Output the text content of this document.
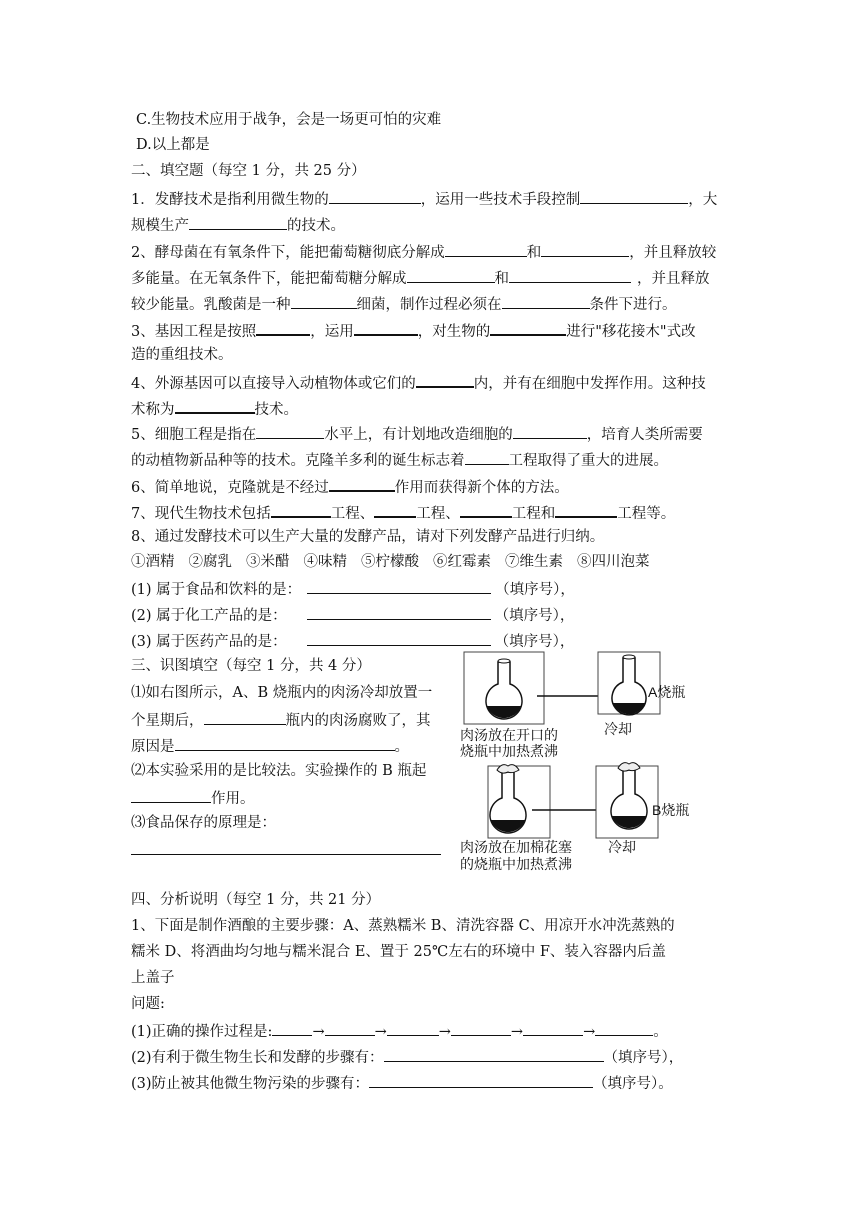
C.生物技术应用于战争，会是一场更可怕的灾难
D.以上都是
二、填空题（每空 1 分，共 25 分）
1．发酵技术是指利用微生物的	，运用一些技术手段控制	，大
规模生产	的技术。
2、酵母菌在有氧条件下，能把葡萄糖彻底分解成	和	，并且释放较
多能量。在无氧条件下，能把葡萄糖分解成	和	，并且释放
较少能量。乳酸菌是一种	细菌，制作过程必须在	条件下进行。
3、基因工程是按照	，运用	，对生物的	进行"移花接木"式改
造的重组技术。
4、外源基因可以直接导入动植物体或它们的	内，并有在细胞中发挥作用。这种技
术称为	技术。
5、细胞工程是指在	水平上，有计划地改造细胞的	，培育人类所需要
的动植物新品种等的技术。克隆羊多利的诞生标志着	工程取得了重大的进展。
6、简单地说，克隆就是不经过	作用而获得新个体的方法。
7、现代生物技术包括	工程、	工程、	工程和	工程等。
8、通过发酵技术可以生产大量的发酵产品，请对下列发酵产品进行归纳。
①酒精 ②腐乳 ③米醋 ④味精 ⑤柠檬酸 ⑥红霉素 ⑦维生素 ⑧四川泡菜
(1) 属于食品和饮料的是：	（填序号），
(2) 属于化工产品的是：	（填序号），
(3) 属于医药产品的是：	（填序号），
三、识图填空（每空 1 分，共 4 分）
⑴如右图所示，A、B 烧瓶内的肉汤冷却放置一
个星期后，	瓶内的肉汤腐败了，其
原因是	。
⑵本实验采用的是比较法。实验操作的 B 瓶起
作用。
⑶食品保存的原理是：
A烧瓶
冷却
肉汤放在开口的
烧瓶中加热煮沸
B烧瓶
冷却
肉汤放在加棉花塞
的烧瓶中加热煮沸
四、分析说明（每空 1 分，共 21 分）
1、下面是制作酒酿的主要步骤：A、蒸熟糯米 B、清洗容器 C、用凉开水冲洗蒸熟的
糯米 D、将酒曲均匀地与糯米混合 E、置于 25℃左右的环境中 F、装入容器内后盖
上盖子
问题:
(1)正确的操作过程是:	→	→	→	→	→	。
(2)有利于微生物生长和发酵的步骤有：	（填序号），
(3)防止被其他微生物污染的步骤有：	（填序号）。
